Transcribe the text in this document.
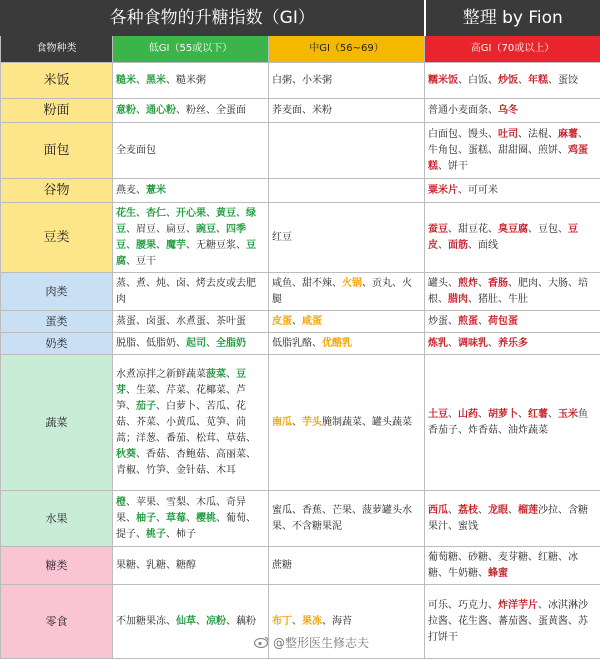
各种食物的升糖指数（GI）			整理 by Fion
食物种类	低GI（55或以下）	中GI（56~69）	高GI（70或以上）
米饭	糙米、黑米、糙米粥	白粥、小米粥	糯米饭、白饭、炒饭、年糕、蛋饺
粉面	意粉、通心粉、粉丝、全蛋面	荞麦面、米粉	普通小麦面条、乌冬
面包	全麦面包		白面包、馒头、吐司、法棍、麻薯、牛角包、蛋糕、甜甜圈、煎饼、鸡蛋糕、饼干
谷物	燕麦、薏米		粟米片、可可米
豆类	花生、杏仁、开心果、黄豆、绿豆、眉豆、扁豆、豌豆、四季豆、腰果、魔芋、无糖豆浆、豆腐、豆干	红豆	蚕豆、甜豆花、臭豆腐、豆包、豆皮、面筋、面线
肉类	蒸、煮、炖、卤、烤去皮或去肥肉	咸鱼、甜不辣、火锅、贡丸、火腿	罐头、煎炸、香肠、肥肉、大肠、培根、腊肉、猪肚、牛肚
蛋类	蒸蛋、卤蛋、水煮蛋、茶叶蛋	皮蛋、咸蛋	炒蛋、煎蛋、荷包蛋
奶类	脱脂、低脂奶、起司、全脂奶	低脂乳酪、优酪乳	炼乳、调味乳、养乐多
蔬菜	水煮凉拌之新鲜蔬菜菠菜、豆芽、生菜、芹菜、花椰菜、芦笋、茄子、白萝卜、苦瓜、花菇、芥菜、小黄瓜、苋笋、茼蒿；洋葱、番茄、松茸、草菇、秋葵、香菇、杏鲍菇、高丽菜、青椒、竹笋、金针菇、木耳	南瓜、芋头腌制蔬菜、罐头蔬菜	土豆、山药、胡萝卜、红薯、玉米鱼香茄子、炸香菇、油炸蔬菜
水果	橙、苹果、雪梨、木瓜、奇异果、柚子、草莓、樱桃、葡萄、提子、桃子、柿子	蜜瓜、香蕉、芒果、菠萝罐头水果、不含糖果泥	西瓜、荔枝、龙眼、榴莲沙拉、含糖果汁、蜜饯
糖类	果糖、乳糖、糖醇	蔗糖	葡萄糖、砂糖、麦芽糖、红糖、冰糖、牛奶糖、蜂蜜
零食	不加糖果冻、仙草、凉粉、藕粉	布丁、果冻、海苔	可乐、巧克力、炸洋芋片、冰淇淋沙拉酱、花生酱、蕃茄酱、蛋黄酱、苏打饼干
@整形医生修志夫
